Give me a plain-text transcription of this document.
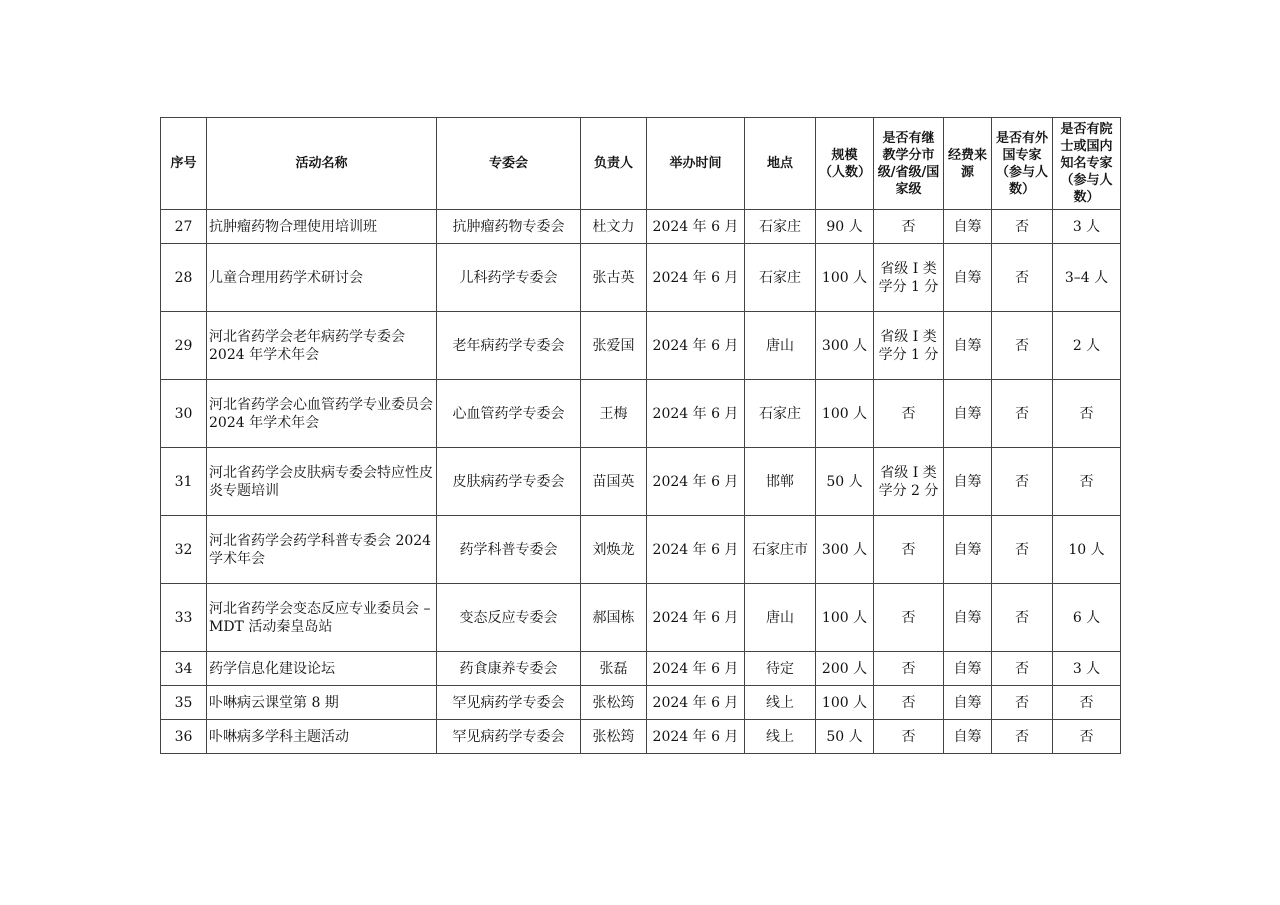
序号	活动名称	专委会	负责人	举办时间	地点	规模（人数）	是否有继教学分市级/省级/国家级	经费来源	是否有外国专家（参与人数）	是否有院士或国内知名专家（参与人数）
27	抗肿瘤药物合理使用培训班	抗肿瘤药物专委会	杜文力	2024 年 6 月	石家庄	90 人	否	自筹	否	3 人
28	儿童合理用药学术研讨会	儿科药学专委会	张古英	2024 年 6 月	石家庄	100 人	省级 I 类学分 1 分	自筹	否	3–4 人
29	河北省药学会老年病药学专委会 2024 年学术年会	老年病药学专委会	张爱国	2024 年 6 月	唐山	300 人	省级 I 类学分 1 分	自筹	否	2 人
30	河北省药学会心血管药学专业委员会 2024 年学术年会	心血管药学专委会	王梅	2024 年 6 月	石家庄	100 人	否	自筹	否	否
31	河北省药学会皮肤病专委会特应性皮炎专题培训	皮肤病药学专委会	苗国英	2024 年 6 月	邯郸	50 人	省级 I 类学分 2 分	自筹	否	否
32	河北省药学会药学科普专委会 2024 学术年会	药学科普专委会	刘焕龙	2024 年 6 月	石家庄市	300 人	否	自筹	否	10 人
33	河北省药学会变态反应专业委员会 –MDT 活动秦皇岛站	变态反应专委会	郝国栋	2024 年 6 月	唐山	100 人	否	自筹	否	6 人
34	药学信息化建设论坛	药食康养专委会	张磊	2024 年 6 月	待定	200 人	否	自筹	否	3 人
35	卟啉病云课堂第 8 期	罕见病药学专委会	张松筠	2024 年 6 月	线上	100 人	否	自筹	否	否
36	卟啉病多学科主题活动	罕见病药学专委会	张松筠	2024 年 6 月	线上	50 人	否	自筹	否	否
